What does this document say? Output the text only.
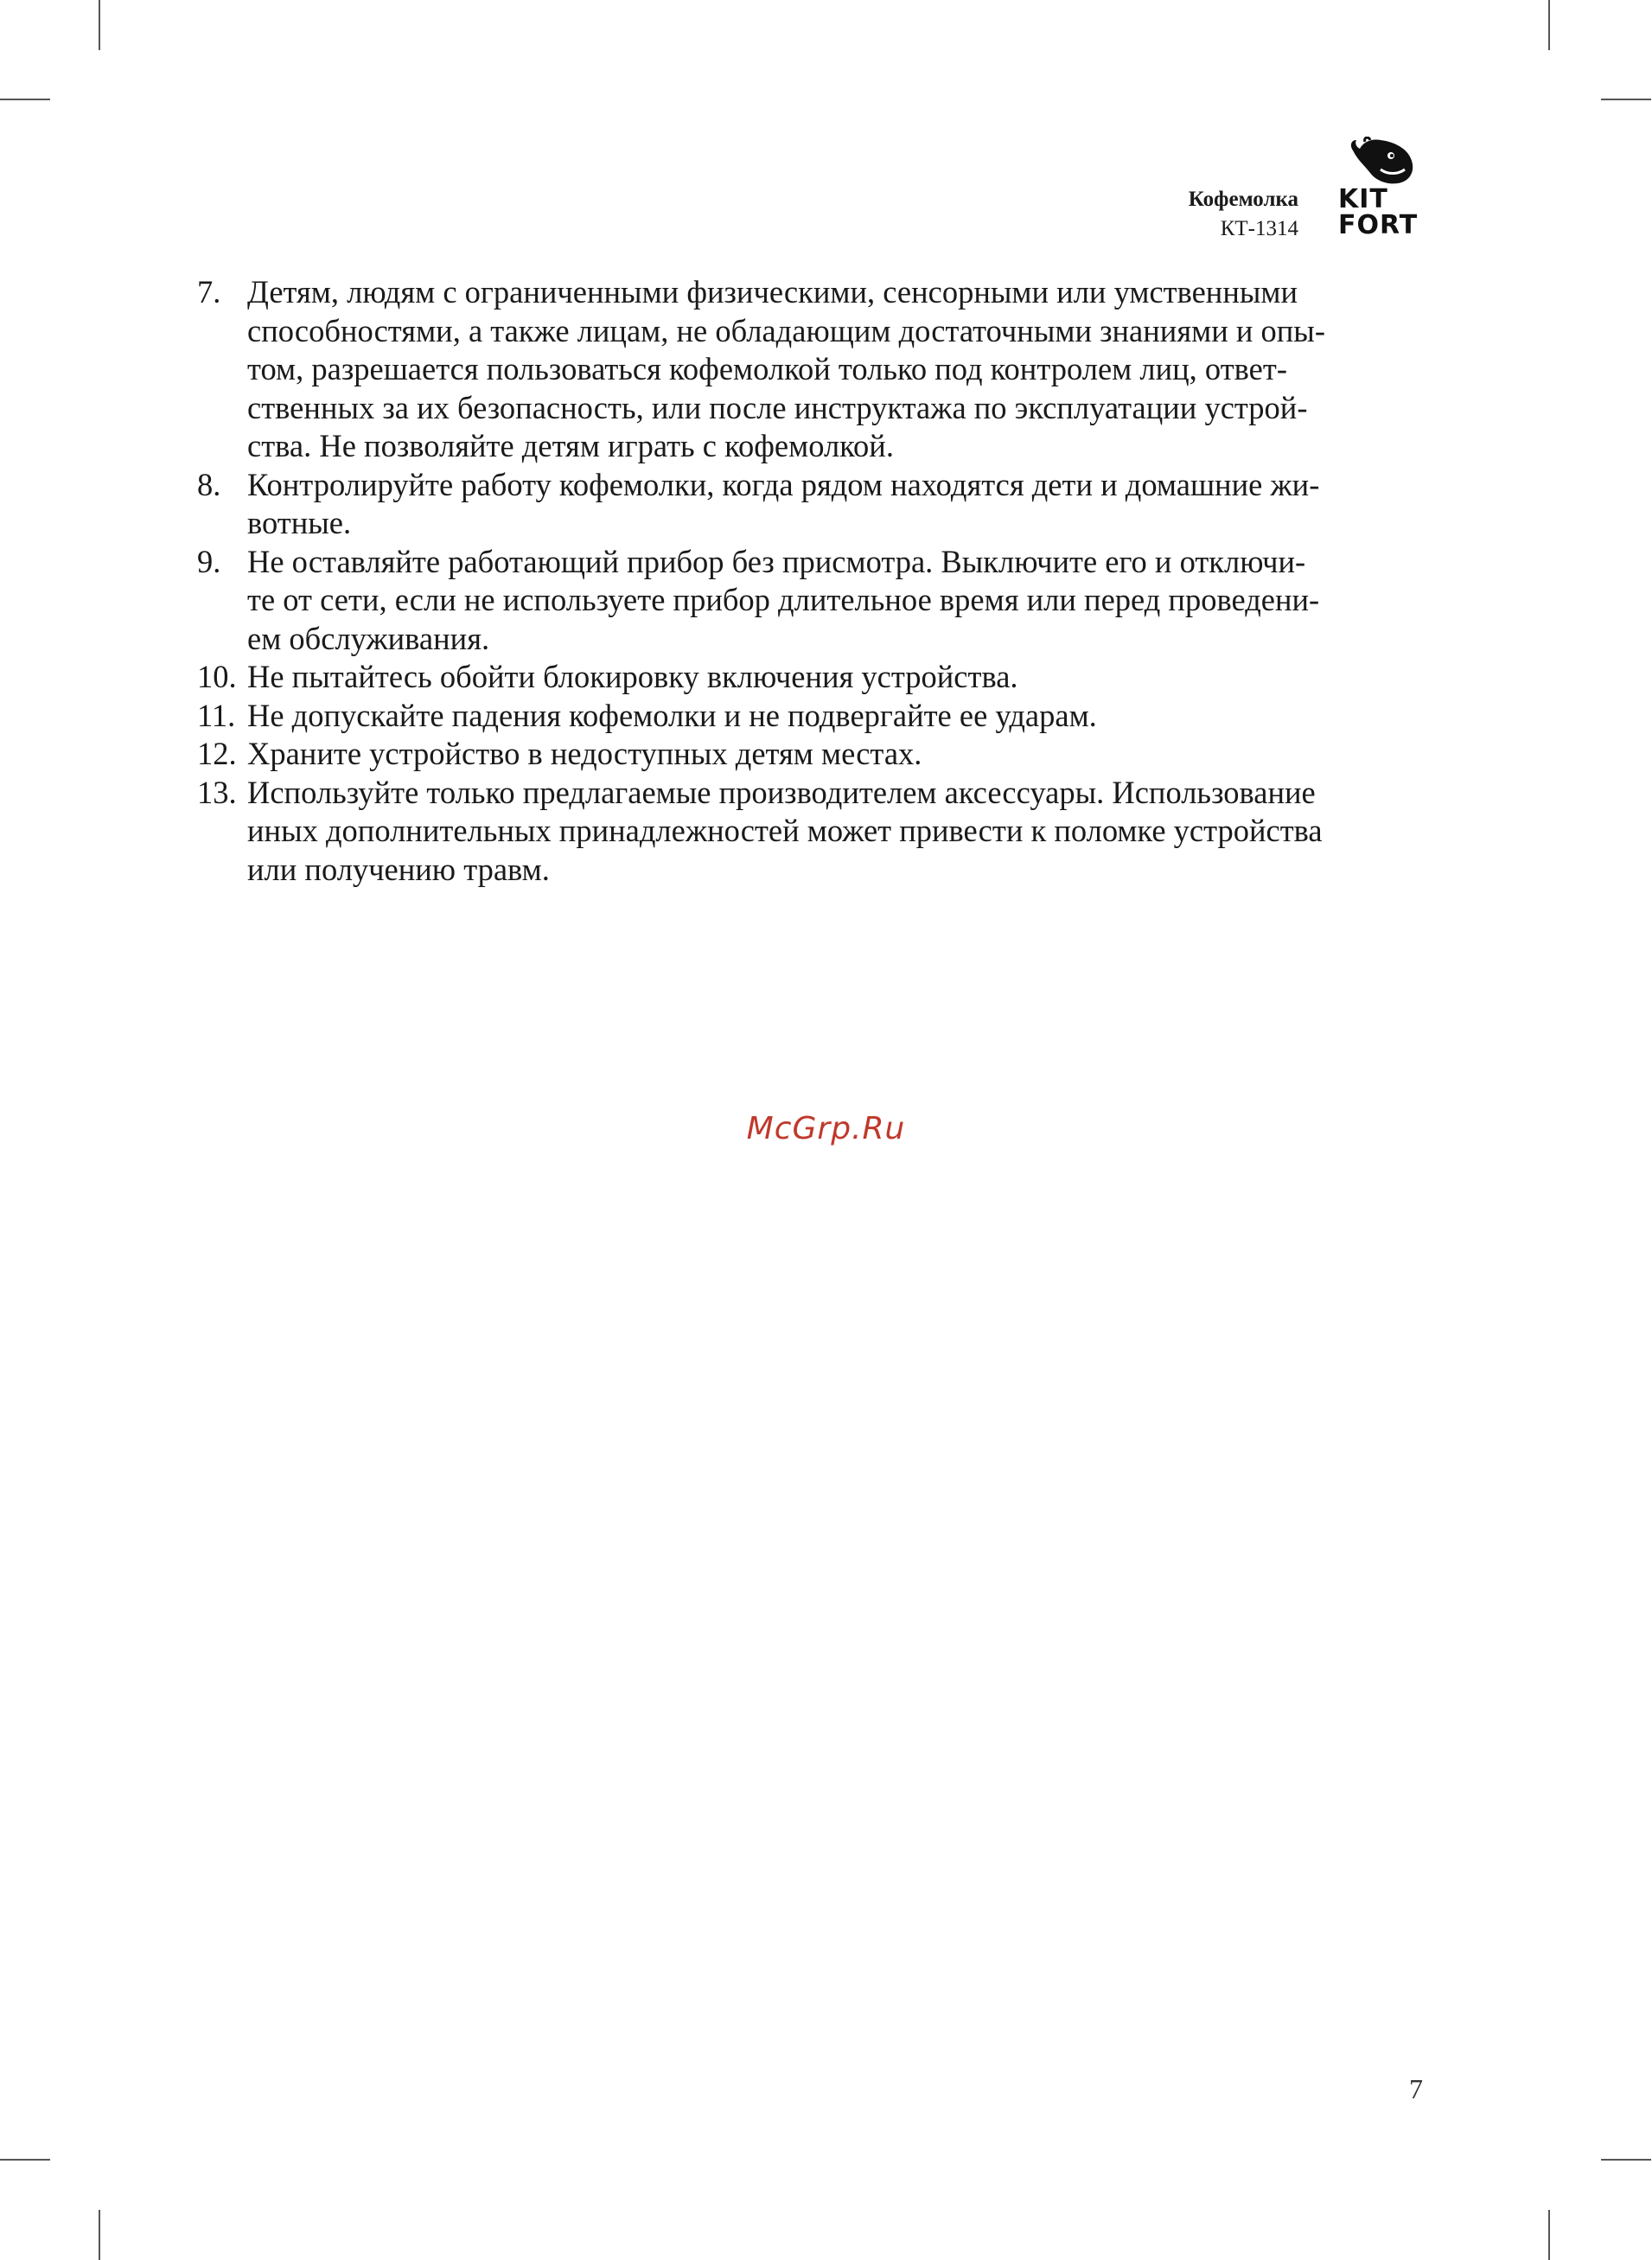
Кофемолка
КТ-1314
KIT
FORT
7. Детям, людям с ограниченными физическими, сенсорными или умственными
способностями, а также лицам, не обладающим достаточными знаниями и опы-
том, разрешается пользоваться кофемолкой только под контролем лиц, ответ-
ственных за их безопасность, или после инструктажа по эксплуатации устрой-
ства. Не позволяйте детям играть с кофемолкой.
8. Контролируйте работу кофемолки, когда рядом находятся дети и домашние жи-
вотные.
9. Не оставляйте работающий прибор без присмотра. Выключите его и отключи-
те от сети, если не используете прибор длительное время или перед проведени-
ем обслуживания.
10. Не пытайтесь обойти блокировку включения устройства.
11. Не допускайте падения кофемолки и не подвергайте ее ударам.
12. Храните устройство в недоступных детям местах.
13. Используйте только предлагаемые производителем аксессуары. Использование
иных дополнительных принадлежностей может привести к поломке устройства
или получению травм.
McGrp.Ru
7
